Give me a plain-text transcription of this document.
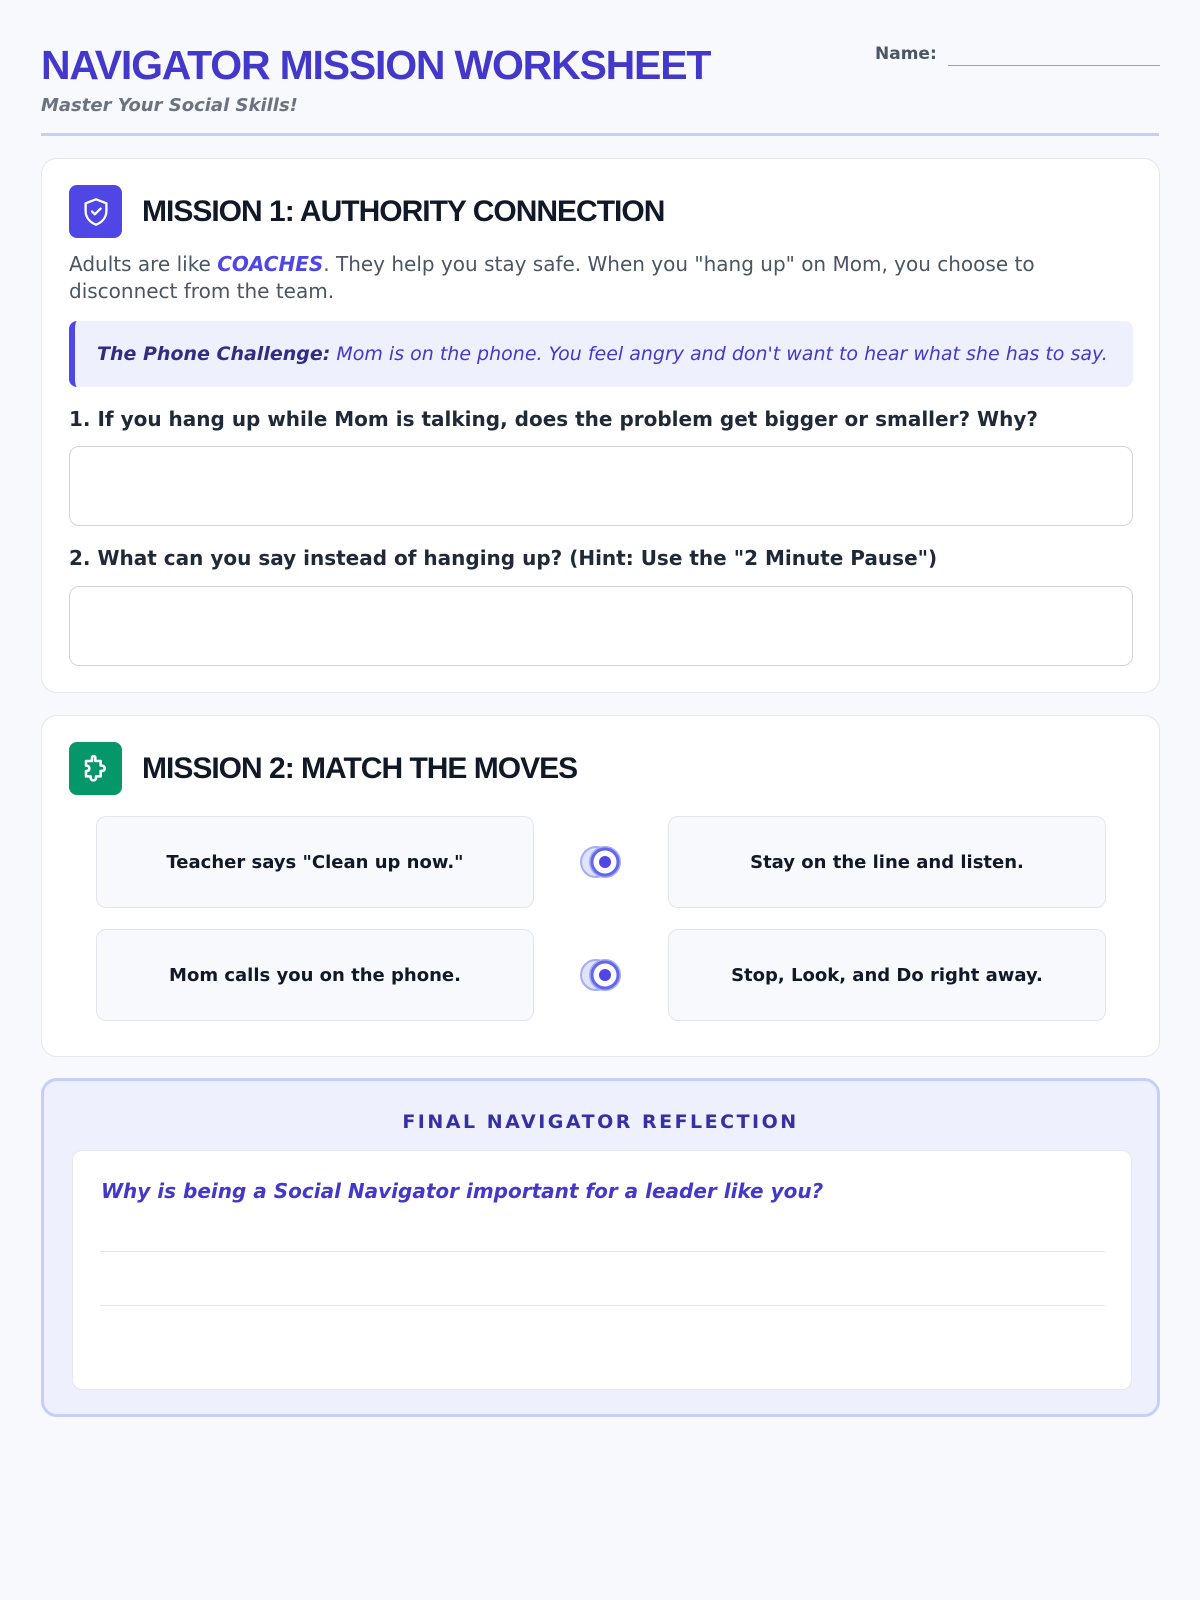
NAVIGATOR MISSION WORKSHEET
Master Your Social Skills!
Name:
MISSION 1: AUTHORITY CONNECTION
Adults are like COACHES. They help you stay safe. When you "hang up" on Mom, you choose to disconnect from the team.
The Phone Challenge: Mom is on the phone. You feel angry and don't want to hear what she has to say.
1. If you hang up while Mom is talking, does the problem get bigger or smaller? Why?
2. What can you say instead of hanging up? (Hint: Use the "2 Minute Pause")
MISSION 2: MATCH THE MOVES
Teacher says "Clean up now."	Stay on the line and listen.
Mom calls you on the phone.	Stop, Look, and Do right away.
FINAL NAVIGATOR REFLECTION
Why is being a Social Navigator important for a leader like you?
